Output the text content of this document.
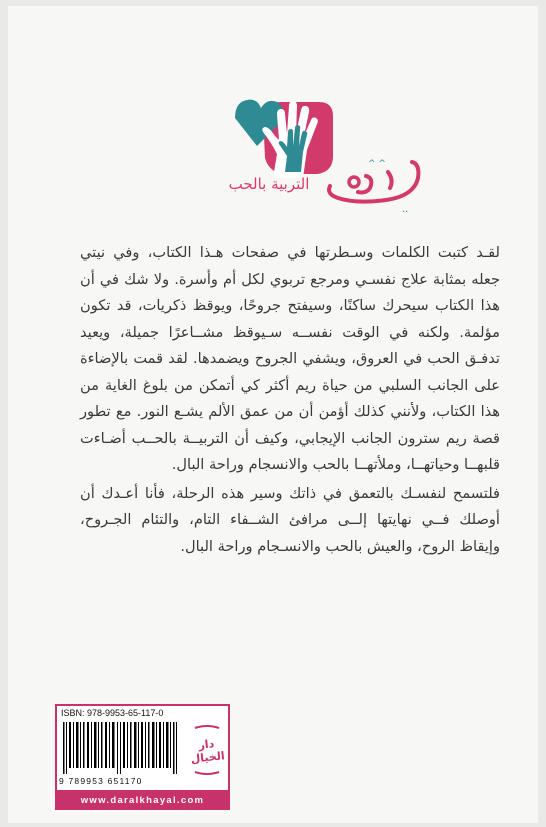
^ ^
..
التربية بالحب

لقـد كتبت الكلمات وسـطرتها في صفحات هـذا الكتاب، وفي نيتي جعله بمثابة علاج نفسـي ومرجع تربوي لكل أم وأسرة. ولا شك في أن هذا الكتاب سيحرك ساكنًا، وسيفتح جروحًا، ويوقظ ذكريات، قد تكون مؤلمة. ولكنه في الوقت نفســه سـيوقظ مشــاعرًا جميلة، ويعيد تدفـق الحب في العروق، ويشفي الجروح ويضمدها. لقد قمت بالإضاءة على الجانب السلبي من حياة ريم أكثر كي أتمكن من بلوغ الغاية من هذا الكتاب، ولأنني كذلك أؤمن أن من عمق الألم يشـع النور. مع تطور قصة ريم سترون الجانب الإيجابي، وكيف أن التربيــة بالحــب أضـاءت قلبهــا وحياتهــا، وملأتهــا بالحب والانسجام وراحة البال.

فلتسمح لنفسـك بالتعمق في ذاتك وسير هذه الرحلة، فأنا أعـدك أن أوصلك فــي نهايتها إلــى مرافئ الشــفاء التام، والتئام الجـروح، وإيقاظ الروح، والعيش بالحب والانسـجام وراحة البال.

ISBN: 978-9953-65-117-0
9 789953 651170
دار الخيال
www.daralkhayal.com
